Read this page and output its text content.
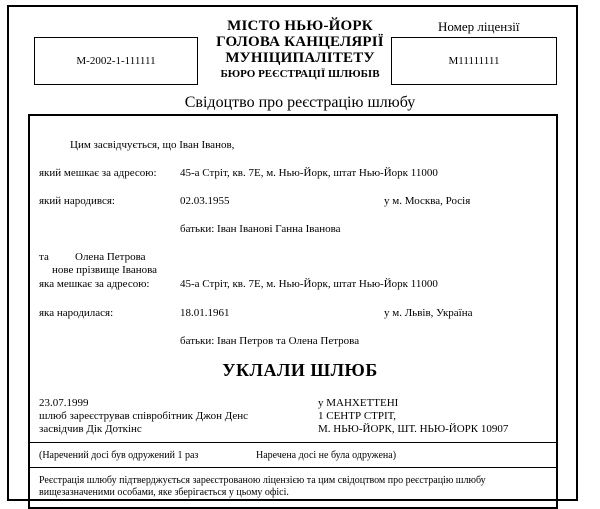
M-2002-1-111111
МІСТО НЬЮ-ЙОРК
ГОЛОВА КАНЦЕЛЯРІЇ
МУНІЦИПАЛІТЕТУ
БЮРО РЕЄСТРАЦІЇ ШЛЮБІВ
Номер ліцензії
M11111111
Свідоцтво про реєстрацію шлюбу
Цим засвідчується, що Іван Іванов,
який мешкає за адресою: 45-а Стріт, кв. 7Е, м. Нью-Йорк, штат Нью-Йорк 11000
який народився:	02.03.1955	у м. Москва, Росія
батьки: Іван Іванові Ганна Іванова
та Олена Петрова
нове прізвище Іванова
яка мешкає за адресою:	45-а Стріт, кв. 7Е, м. Нью-Йорк, штат Нью-Йорк 11000
яка народилася:	18.01.1961	у м. Львів, Україна
батьки: Іван Петров та Олена Петрова
УКЛАЛИ ШЛЮБ
23.07.1999
шлюб зареєстрував співробітник Джон Денс
засвідчив Дік Доткінс
у МАНХЕТТЕНІ
1 СЕНТР СТРІТ,
М. НЬЮ-ЙОРК, ШТ. НЬЮ-ЙОРК 10907
(Наречений досі був одружений 1 раз	Наречена досі не була одружена)
Реєстрація шлюбу підтверджується зареєстрованою ліцензією та цим свідоцтвом про реєстрацію шлюбу
вищезазначеними особами, яке зберігається у цьому офісі.
